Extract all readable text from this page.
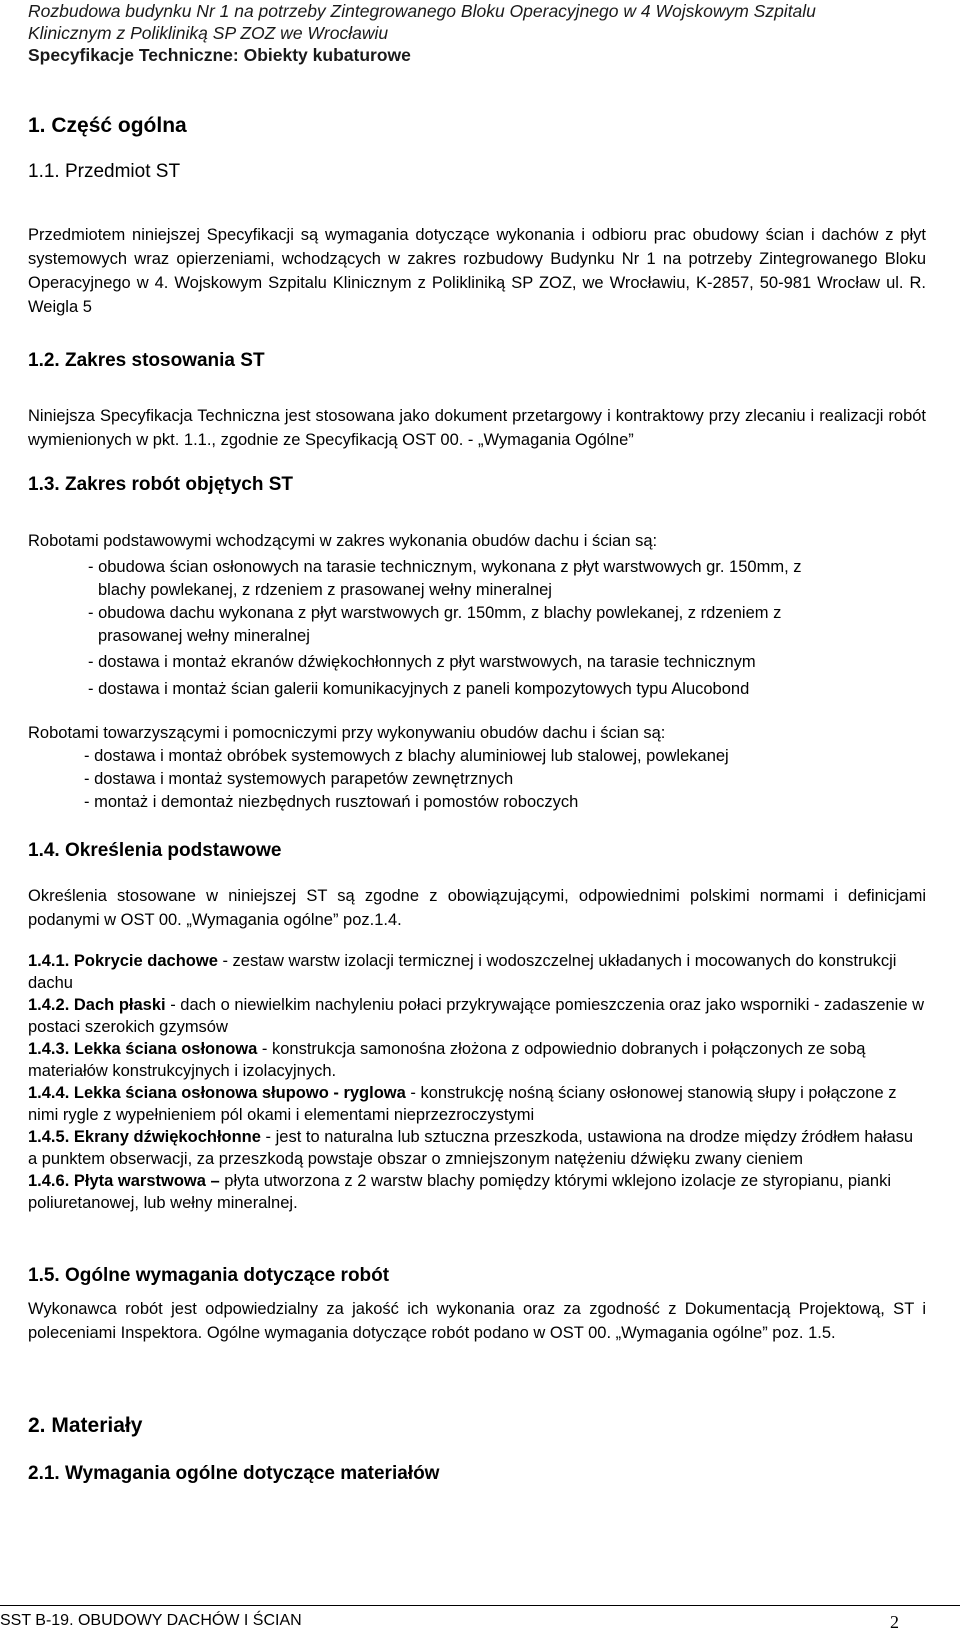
Rozbudowa budynku Nr 1 na potrzeby Zintegrowanego Bloku Operacyjnego w 4 Wojskowym Szpitalu
Klinicznym z Polikliniką SP ZOZ we Wrocławiu
Specyfikacje Techniczne: Obiekty kubaturowe
1. Część ogólna
1.1. Przedmiot ST

Przedmiotem niniejszej Specyfikacji są wymagania dotyczące wykonania i odbioru prac obudowy ścian i dachów z płyt systemowych wraz opierzeniami, wchodzących w zakres rozbudowy Budynku Nr 1 na potrzeby Zintegrowanego Bloku Operacyjnego w 4. Wojskowym Szpitalu Klinicznym z Polikliniką SP ZOZ, we Wrocławiu, K-2857, 50-981 Wrocław ul. R. Weigla 5

1.2. Zakres stosowania ST

Niniejsza Specyfikacja Techniczna jest stosowana jako dokument przetargowy i kontraktowy przy zlecaniu i realizacji robót wymienionych w pkt. 1.1., zgodnie ze Specyfikacją OST 00. - „Wymagania Ogólne”

1.3. Zakres robót objętych ST
Robotami podstawowymi wchodzącymi w zakres wykonania obudów dachu i ścian są:
- obudowa ścian osłonowych na tarasie technicznym, wykonana z płyt warstwowych gr. 150mm, z
blachy powlekanej, z rdzeniem z prasowanej wełny mineralnej
- obudowa dachu wykonana z płyt warstwowych gr. 150mm, z blachy powlekanej, z rdzeniem z
prasowanej wełny mineralnej
- dostawa i montaż ekranów dźwiękochłonnych z płyt warstwowych, na tarasie technicznym
- dostawa i montaż ścian galerii komunikacyjnych z paneli kompozytowych typu Alucobond
Robotami towarzyszącymi i pomocniczymi przy wykonywaniu obudów dachu i ścian są:
- dostawa i montaż obróbek systemowych z blachy aluminiowej lub stalowej, powlekanej
- dostawa i montaż systemowych parapetów zewnętrznych
- montaż i demontaż niezbędnych rusztowań i pomostów roboczych
1.4. Określenia podstawowe

Określenia stosowane w niniejszej ST są zgodne z obowiązującymi, odpowiednimi polskimi normami i definicjami podanymi w OST 00. „Wymagania ogólne” poz.1.4.

1.4.1. Pokrycie dachowe - zestaw warstw izolacji termicznej i wodoszczelnej układanych i mocowanych do konstrukcji dachu
1.4.2. Dach płaski - dach o niewielkim nachyleniu połaci przykrywające pomieszczenia oraz jako wsporniki - zadaszenie w postaci szerokich gzymsów
1.4.3. Lekka ściana osłonowa - konstrukcja samonośna złożona z odpowiednio dobranych i połączonych ze sobą materiałów konstrukcyjnych i izolacyjnych.
1.4.4. Lekka ściana osłonowa słupowo - ryglowa - konstrukcję nośną ściany osłonowej stanowią słupy i połączone z nimi rygle z wypełnieniem pól okami i elementami nieprzezroczystymi
1.4.5. Ekrany dźwiękochłonne - jest to naturalna lub sztuczna przeszkoda, ustawiona na drodze między źródłem hałasu a punktem obserwacji, za przeszkodą powstaje obszar o zmniejszonym natężeniu dźwięku zwany cieniem
1.4.6. Płyta warstwowa – płyta utworzona z 2 warstw blachy pomiędzy którymi wklejono izolacje ze styropianu, pianki poliuretanowej, lub wełny mineralnej.
1.5. Ogólne wymagania dotyczące robót

Wykonawca robót jest odpowiedzialny za jakość ich wykonania oraz za zgodność z Dokumentacją Projektową, ST i poleceniami Inspektora. Ogólne wymagania dotyczące robót podano w OST 00. „Wymagania ogólne” poz. 1.5.

2. Materiały
2.1. Wymagania ogólne dotyczące materiałów
SST B-19. OBUDOWY DACHÓW I ŚCIAN	2
